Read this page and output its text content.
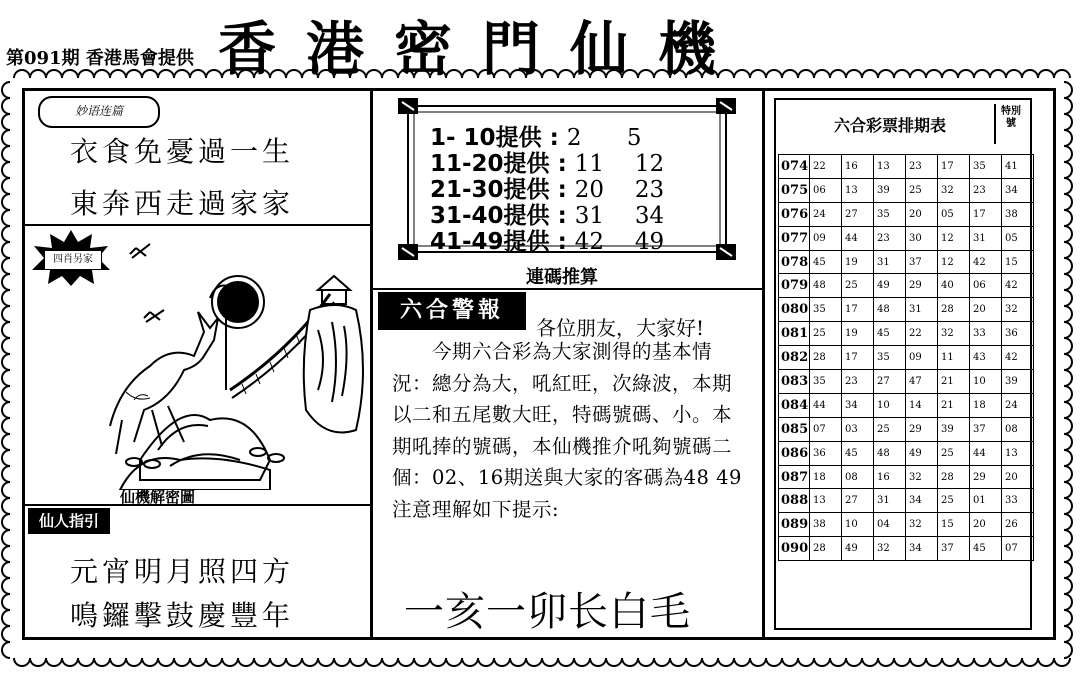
第091期 香港馬會提供 香港密門仙機
妙语连篇
衣食免憂過一生
東奔西走過家家
四肖另家
仙機解密圖
仙人指引
元宵明月照四方
鳴鑼擊鼓慶豐年
1- 10提供 : 2 5
11-20提供 : 11 12
21-30提供 : 20 23
31-40提供 : 31 34
41-49提供 : 42 49
連碼推算
六合警報
各位朋友，大家好!
　　今期六合彩為大家測得的基本情況：總分為大，吼紅旺，次綠波，本期以二和五尾數大旺，特碼號碼、小。本期吼捧的號碼，本仙機推介吼夠號碼二個：02、16期送與大家的客碼為48 49注意理解如下提示:
一亥一卯长白毛
六合彩票排期表
特別號
074	22	16	13	23	17	35	41
075	06	13	39	25	32	23	34
076	24	27	35	20	05	17	38
077	09	44	23	30	12	31	05
078	45	19	31	37	12	42	15
079	48	25	49	29	40	06	42
080	35	17	48	31	28	20	32
081	25	19	45	22	32	33	36
082	28	17	35	09	11	43	42
083	35	23	27	47	21	10	39
084	44	34	10	14	21	18	24
085	07	03	25	29	39	37	08
086	36	45	48	49	25	44	13
087	18	08	16	32	28	29	20
088	13	27	31	34	25	01	33
089	38	10	04	32	15	20	26
090	28	49	32	34	37	45	07
